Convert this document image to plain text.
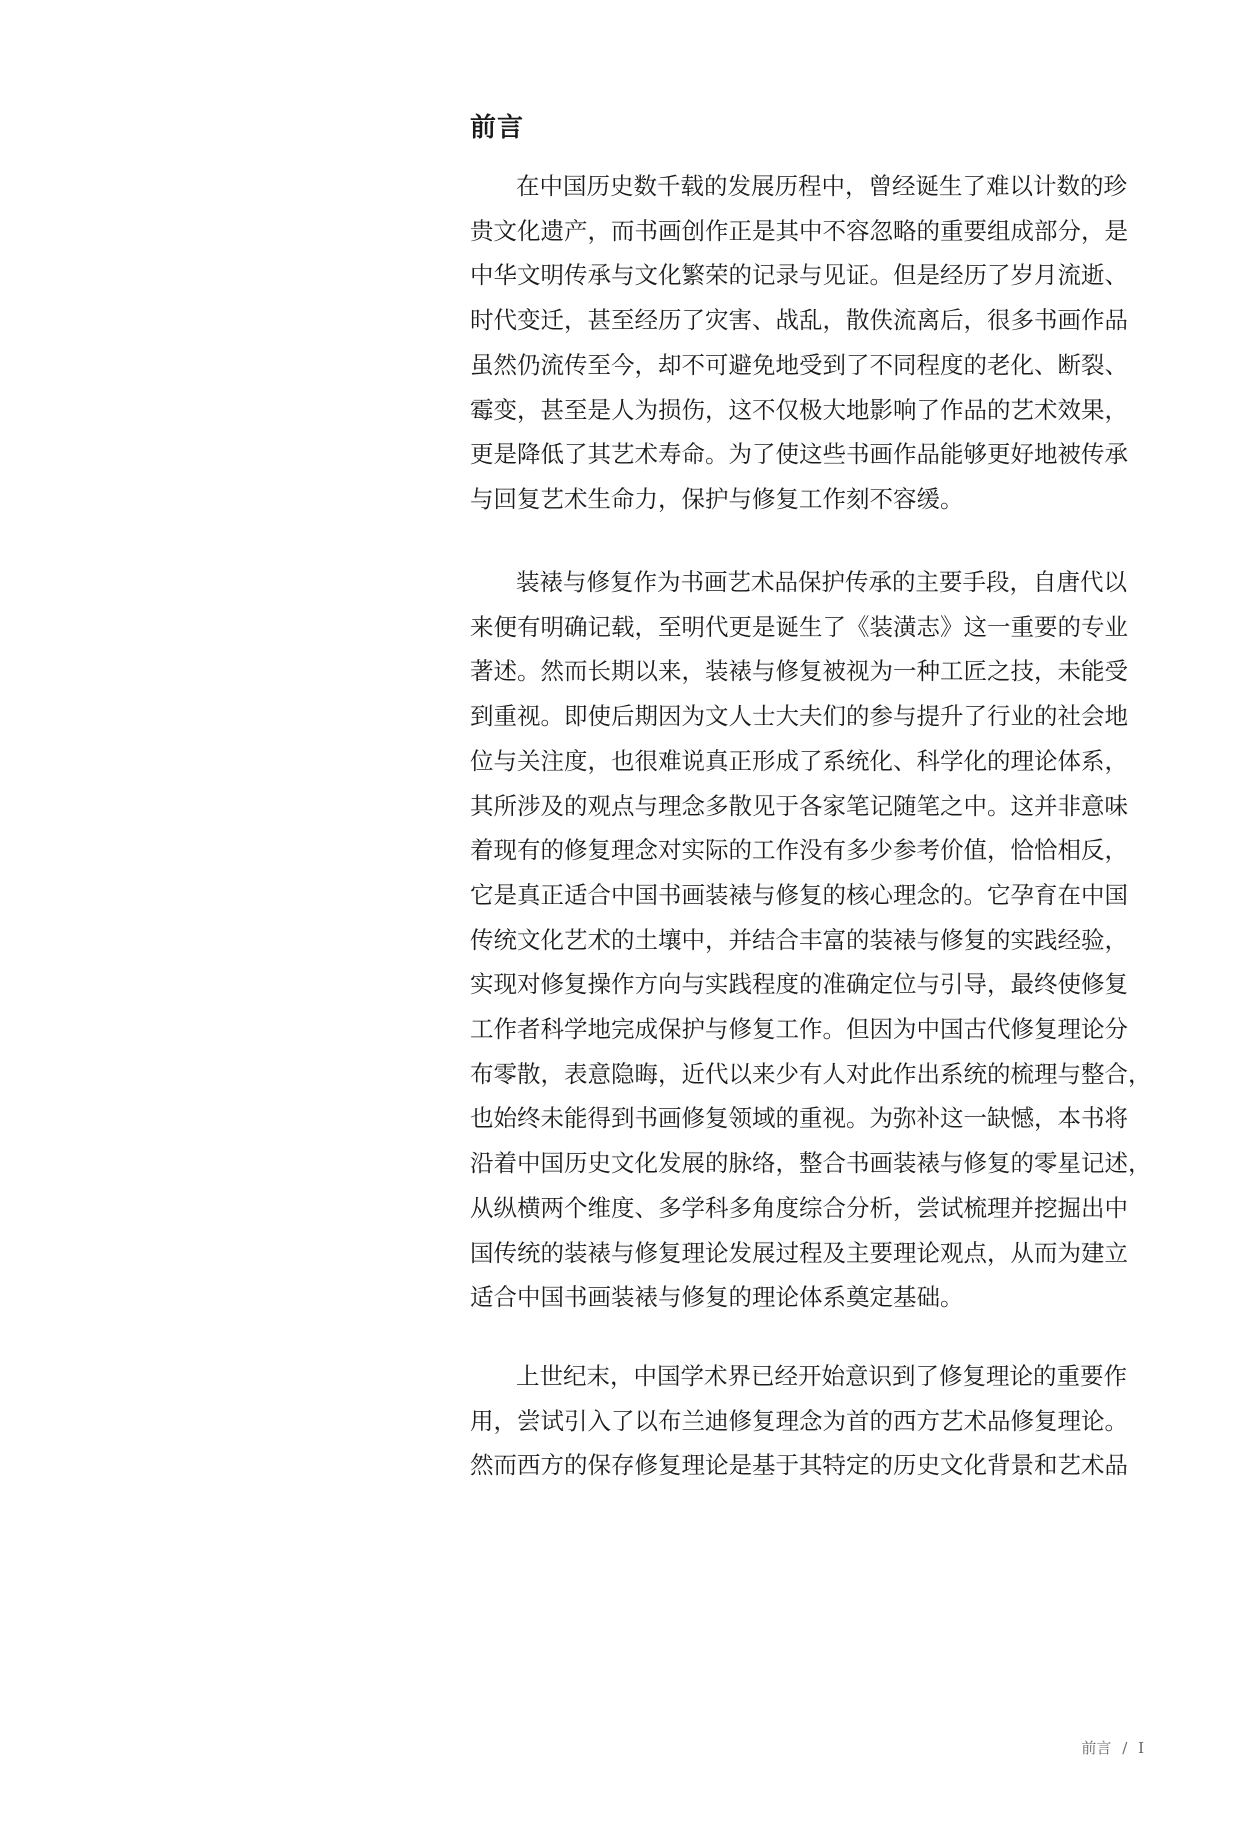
前言

在中国历史数千载的发展历程中，曾经诞生了难以计数的珍

贵文化遗产，而书画创作正是其中不容忽略的重要组成部分，是

中华文明传承与文化繁荣的记录与见证。但是经历了岁月流逝、

时代变迁，甚至经历了灾害、战乱，散佚流离后，很多书画作品

虽然仍流传至今，却不可避免地受到了不同程度的老化、断裂、

霉变，甚至是人为损伤，这不仅极大地影响了作品的艺术效果，

更是降低了其艺术寿命。为了使这些书画作品能够更好地被传承

与回复艺术生命力，保护与修复工作刻不容缓。

装裱与修复作为书画艺术品保护传承的主要手段，自唐代以

来便有明确记载，至明代更是诞生了《装潢志》这一重要的专业

著述。然而长期以来，装裱与修复被视为一种工匠之技，未能受

到重视。即使后期因为文人士大夫们的参与提升了行业的社会地

位与关注度，也很难说真正形成了系统化、科学化的理论体系，

其所涉及的观点与理念多散见于各家笔记随笔之中。这并非意味

着现有的修复理念对实际的工作没有多少参考价值，恰恰相反，

它是真正适合中国书画装裱与修复的核心理念的。它孕育在中国

传统文化艺术的土壤中，并结合丰富的装裱与修复的实践经验，

实现对修复操作方向与实践程度的准确定位与引导，最终使修复

工作者科学地完成保护与修复工作。但因为中国古代修复理论分

布零散，表意隐晦，近代以来少有人对此作出系统的梳理与整合，

也始终未能得到书画修复领域的重视。为弥补这一缺憾，本书将

沿着中国历史文化发展的脉络，整合书画装裱与修复的零星记述，

从纵横两个维度、多学科多角度综合分析，尝试梳理并挖掘出中

国传统的装裱与修复理论发展过程及主要理论观点，从而为建立

适合中国书画装裱与修复的理论体系奠定基础。

上世纪末，中国学术界已经开始意识到了修复理论的重要作

用，尝试引入了以布兰迪修复理念为首的西方艺术品修复理论。

然而西方的保存修复理论是基于其特定的历史文化背景和艺术品

前言 / I
